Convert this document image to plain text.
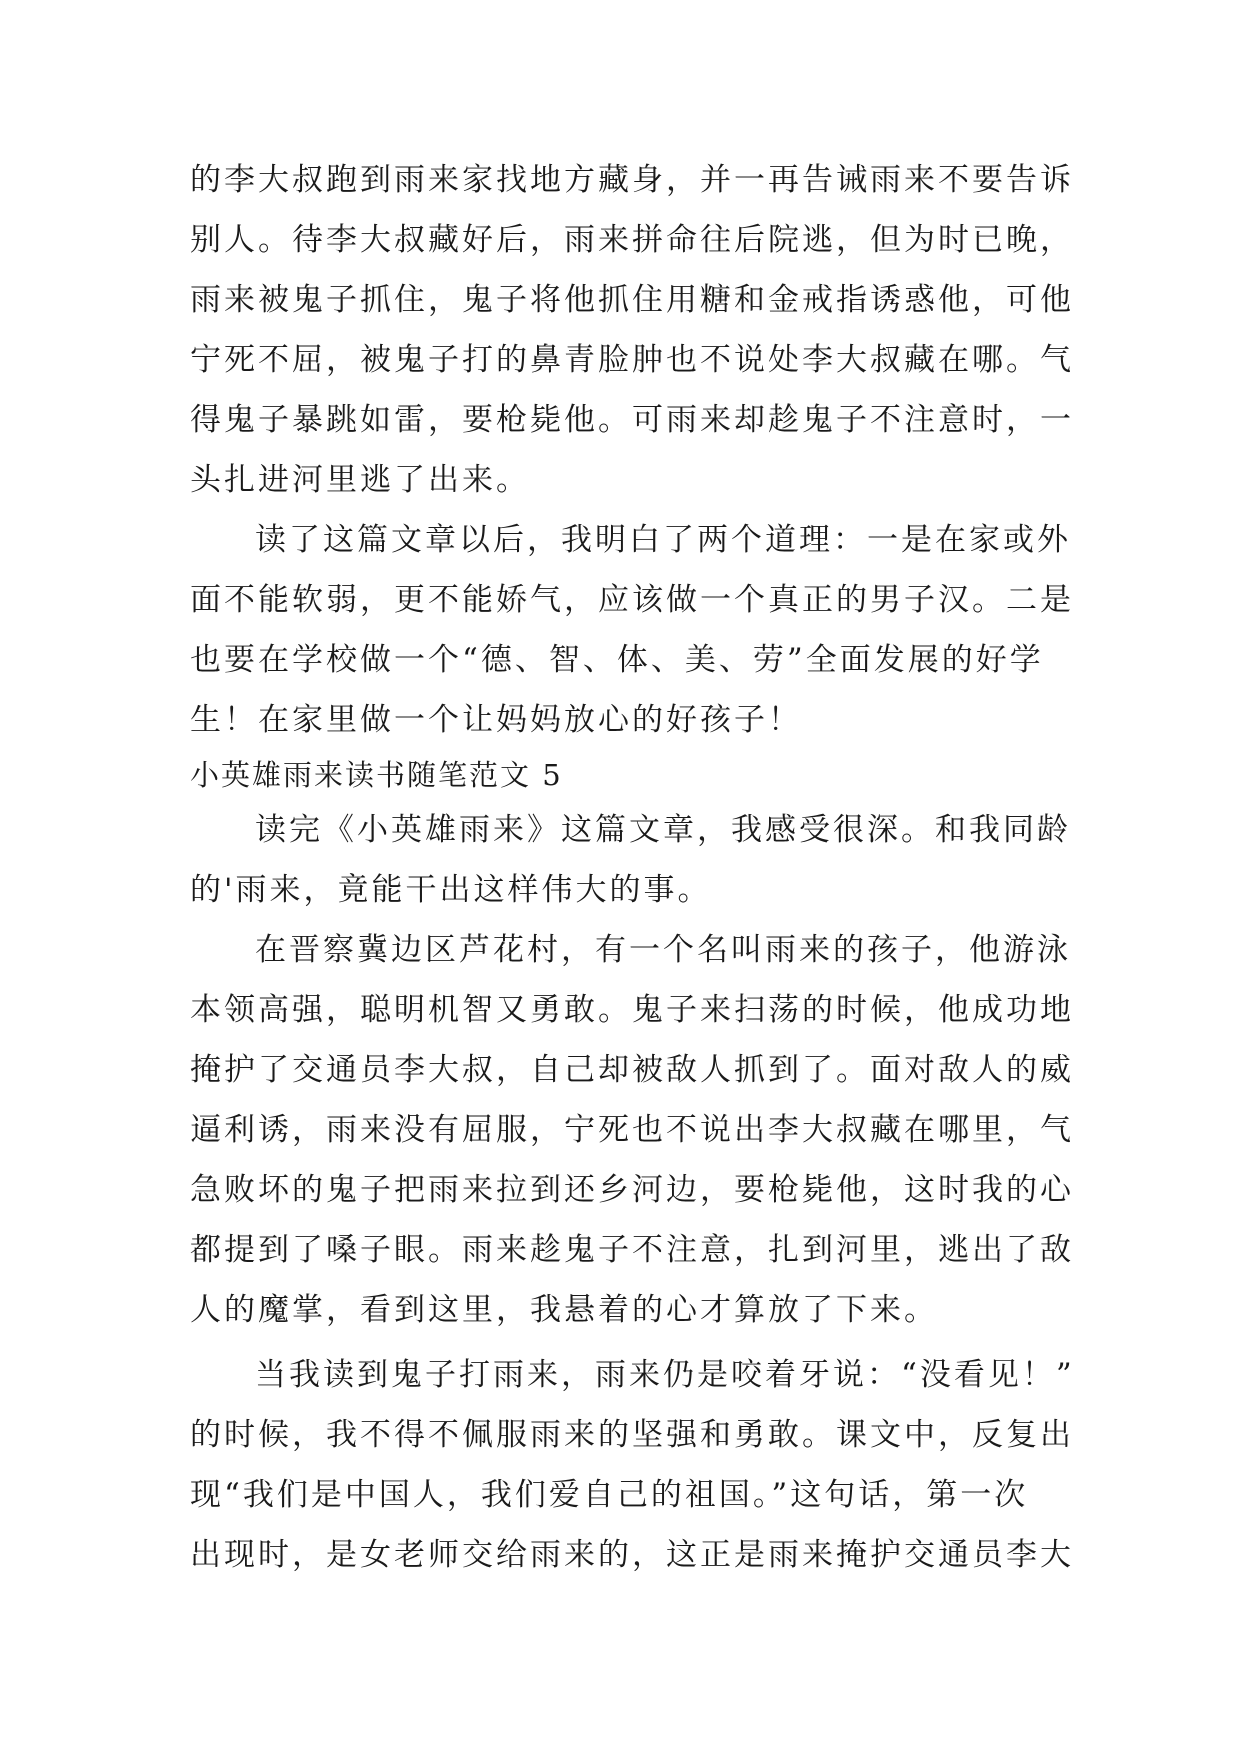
的李大叔跑到雨来家找地方藏身，并一再告诫雨来不要告诉
别人。待李大叔藏好后，雨来拼命往后院逃，但为时已晚，
雨来被鬼子抓住，鬼子将他抓住用糖和金戒指诱惑他，可他
宁死不屈，被鬼子打的鼻青脸肿也不说处李大叔藏在哪。气
得鬼子暴跳如雷，要枪毙他。可雨来却趁鬼子不注意时，一
头扎进河里逃了出来。
读了这篇文章以后，我明白了两个道理：一是在家或外
面不能软弱，更不能娇气，应该做一个真正的男子汉。二是
也要在学校做一个“德、智、体、美、劳”全面发展的好学
生！在家里做一个让妈妈放心的好孩子！
小英雄雨来读书随笔范文 5
读完《小英雄雨来》这篇文章，我感受很深。和我同龄
的'雨来，竟能干出这样伟大的事。
在晋察冀边区芦花村，有一个名叫雨来的孩子，他游泳
本领高强，聪明机智又勇敢。鬼子来扫荡的时候，他成功地
掩护了交通员李大叔，自己却被敌人抓到了。面对敌人的威
逼利诱，雨来没有屈服，宁死也不说出李大叔藏在哪里，气
急败坏的鬼子把雨来拉到还乡河边，要枪毙他，这时我的心
都提到了嗓子眼。雨来趁鬼子不注意，扎到河里，逃出了敌
人的魔掌，看到这里，我悬着的心才算放了下来。
当我读到鬼子打雨来，雨来仍是咬着牙说：“没看见！”
的时候，我不得不佩服雨来的坚强和勇敢。课文中，反复出
现“我们是中国人，我们爱自己的祖国。”这句话，第一次
出现时，是女老师交给雨来的，这正是雨来掩护交通员李大
